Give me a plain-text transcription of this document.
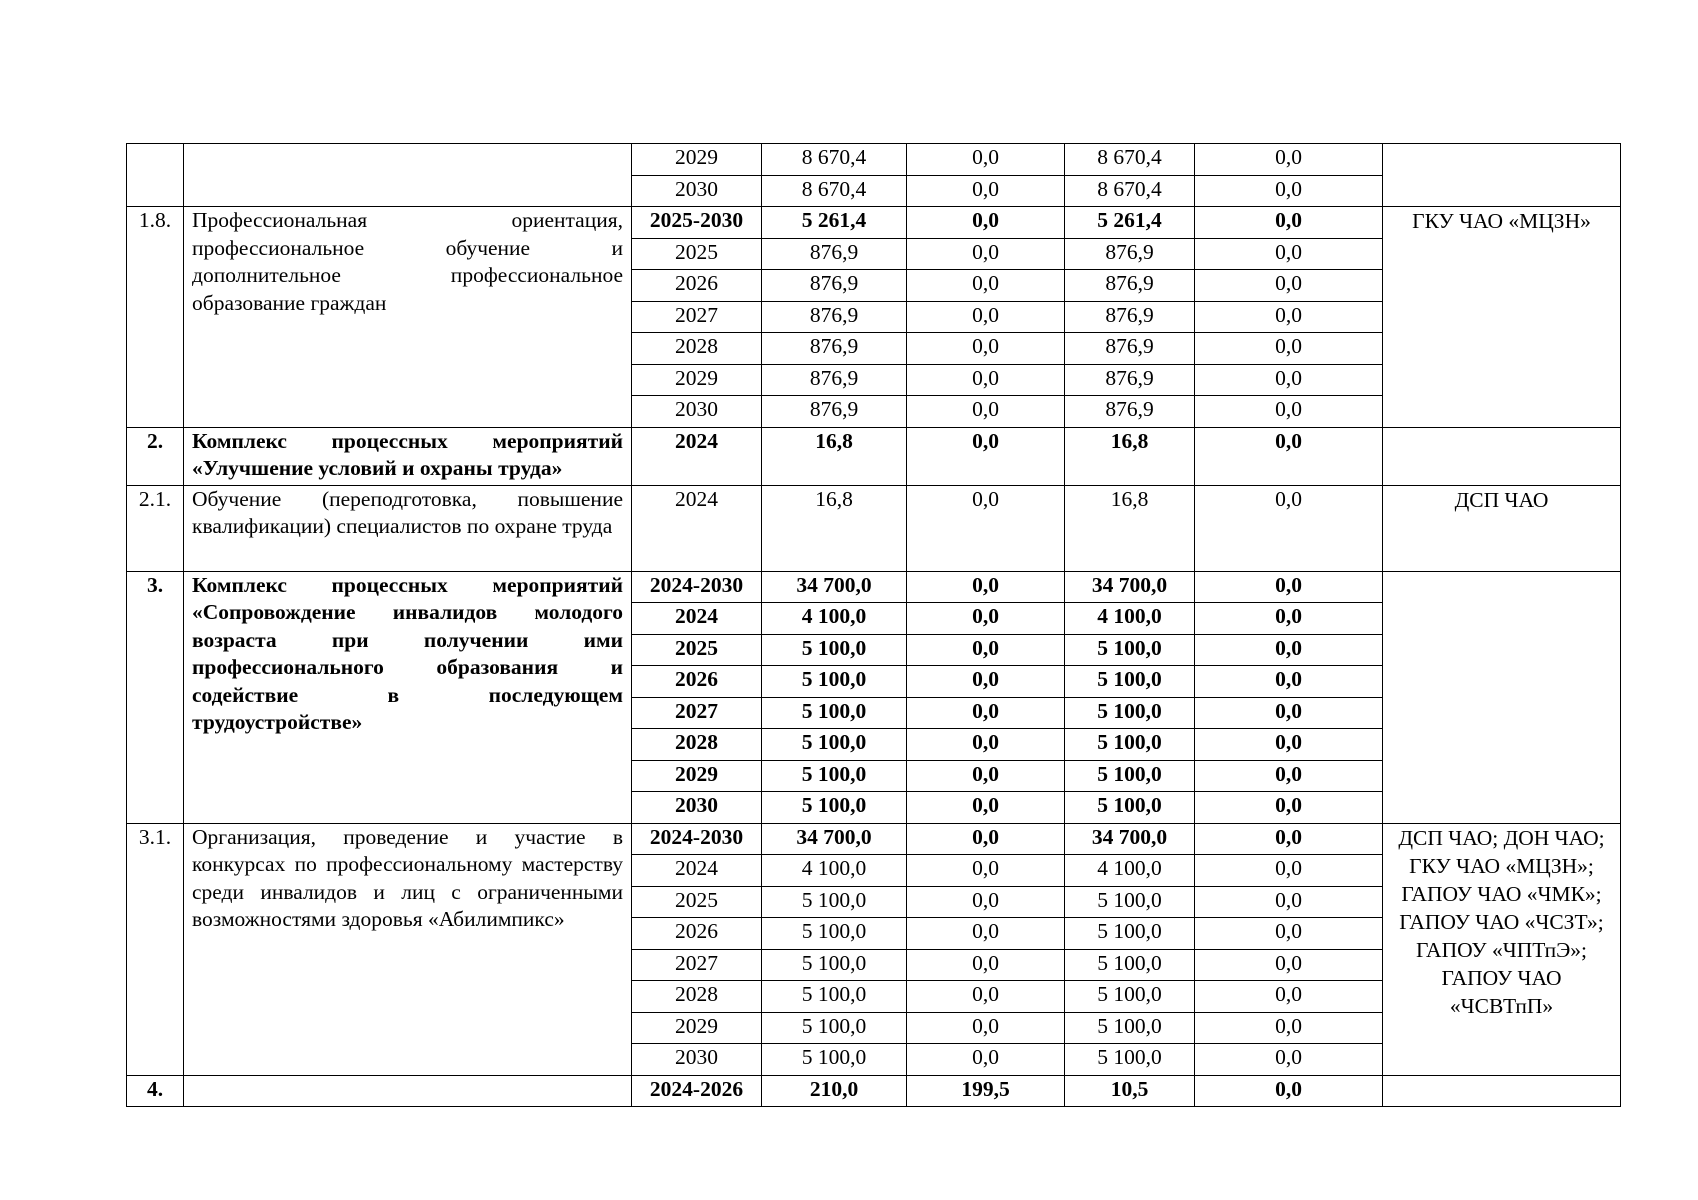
		2029	8 670,4	0,0	8 670,4	0,0	
		2030	8 670,4	0,0	8 670,4	0,0	
1.8.	Профессиональная ориентация, профессиональное обучение и дополнительное профессиональное образование граждан	2025-2030	5 261,4	0,0	5 261,4	0,0	ГКУ ЧАО «МЦЗН»
		2025	876,9	0,0	876,9	0,0	
		2026	876,9	0,0	876,9	0,0	
		2027	876,9	0,0	876,9	0,0	
		2028	876,9	0,0	876,9	0,0	
		2029	876,9	0,0	876,9	0,0	
		2030	876,9	0,0	876,9	0,0	
2.	Комплекс процессных мероприятий «Улучшение условий и охраны труда»	2024	16,8	0,0	16,8	0,0	
2.1.	Обучение (переподготовка, повышение квалификации) специалистов по охране труда	2024	16,8	0,0	16,8	0,0	ДСП ЧАО
3.	Комплекс процессных мероприятий «Сопровождение инвалидов молодого возраста при получении ими профессионального образования и содействие в последующем трудоустройстве»	2024-2030	34 700,0	0,0	34 700,0	0,0	
		2024	4 100,0	0,0	4 100,0	0,0	
		2025	5 100,0	0,0	5 100,0	0,0	
		2026	5 100,0	0,0	5 100,0	0,0	
		2027	5 100,0	0,0	5 100,0	0,0	
		2028	5 100,0	0,0	5 100,0	0,0	
		2029	5 100,0	0,0	5 100,0	0,0	
		2030	5 100,0	0,0	5 100,0	0,0	
3.1.	Организация, проведение и участие в конкурсах по профессиональному мастерству среди инвалидов и лиц с ограниченными возможностями здоровья «Абилимпикс»	2024-2030	34 700,0	0,0	34 700,0	0,0	ДСП ЧАО; ДОН ЧАО; ГКУ ЧАО «МЦЗН»; ГАПОУ ЧАО «ЧМК»; ГАПОУ ЧАО «ЧСЗТ»; ГАПОУ «ЧПТпЭ»; ГАПОУ ЧАО «ЧСВТпП»
		2024	4 100,0	0,0	4 100,0	0,0	
		2025	5 100,0	0,0	5 100,0	0,0	
		2026	5 100,0	0,0	5 100,0	0,0	
		2027	5 100,0	0,0	5 100,0	0,0	
		2028	5 100,0	0,0	5 100,0	0,0	
		2029	5 100,0	0,0	5 100,0	0,0	
		2030	5 100,0	0,0	5 100,0	0,0	
4.		2024-2026	210,0	199,5	10,5	0,0	
